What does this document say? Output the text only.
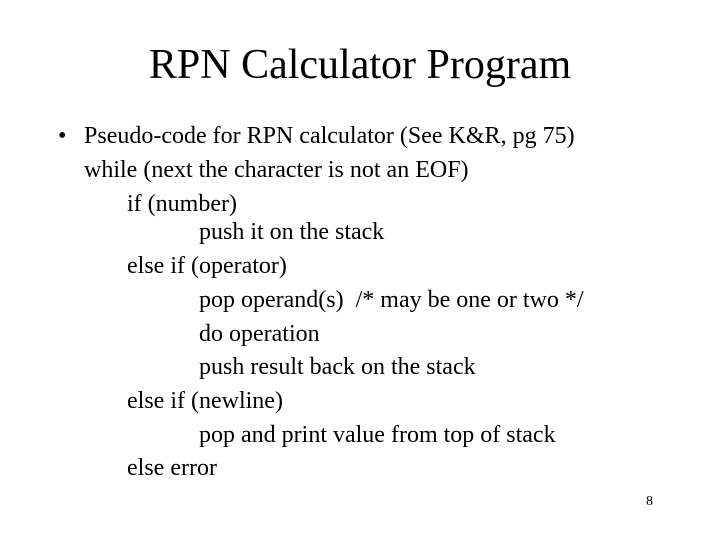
RPN Calculator Program
• Pseudo-code for RPN calculator (See K&R, pg 75)
while (next the character is not an EOF)
if (number)
push it on the stack
else if (operator)
pop operand(s)  /* may be one or two */
do operation
push result back on the stack
else if (newline)
pop and print value from top of stack
else error
8
